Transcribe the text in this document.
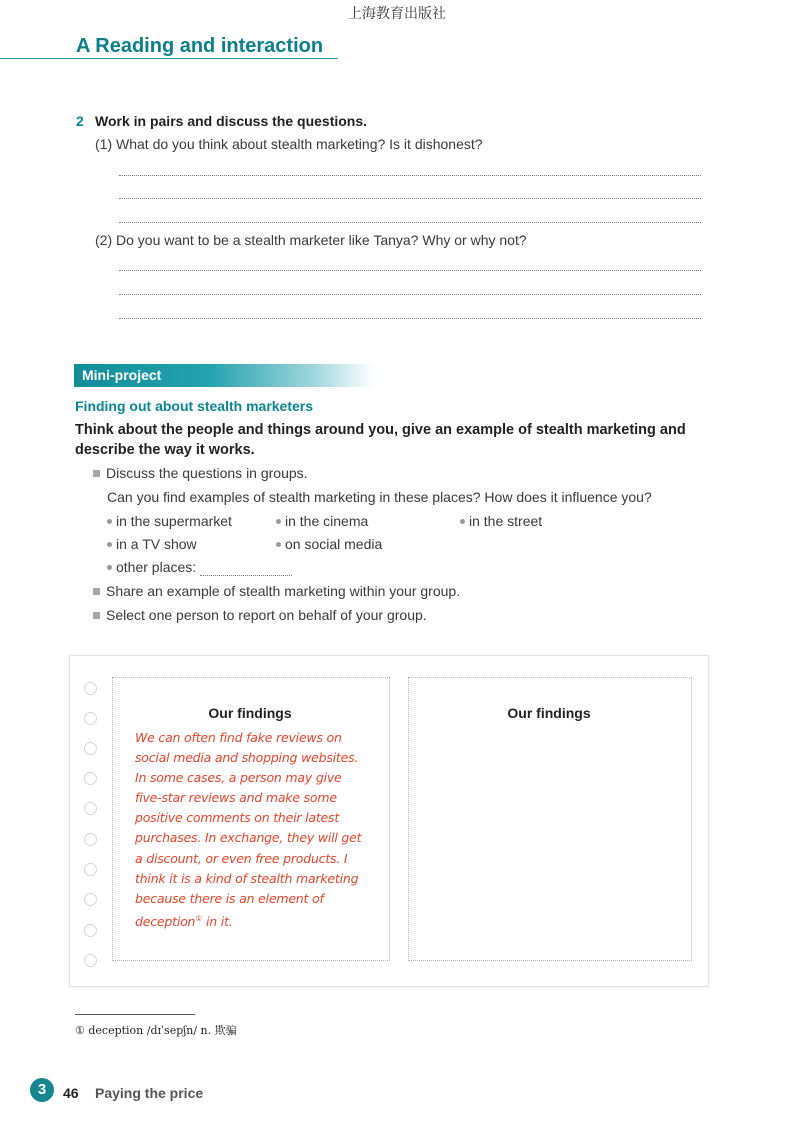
上海教育出版社
A Reading and interaction
2 Work in pairs and discuss the questions.
(1) What do you think about stealth marketing? Is it dishonest?
(2) Do you want to be a stealth marketer like Tanya? Why or why not?
Mini-project
Finding out about stealth marketers
Think about the people and things around you, give an example of stealth marketing and describe the way it works.
Discuss the questions in groups.
Can you find examples of stealth marketing in these places? How does it influence you?
in the supermarket	in the cinema	in the street
in a TV show	on social media
other places:
Share an example of stealth marketing within your group.
Select one person to report on behalf of your group.
Our findings	Our findings
We can often find fake reviews on
social media and shopping websites.
In some cases, a person may give
five-star reviews and make some
positive comments on their latest
purchases. In exchange, they will get
a discount, or even free products. I
think it is a kind of stealth marketing
because there is an element of
deception① in it.
① deception /dɪˈsepʃn/ n. 欺骗
3	46 Paying the price
